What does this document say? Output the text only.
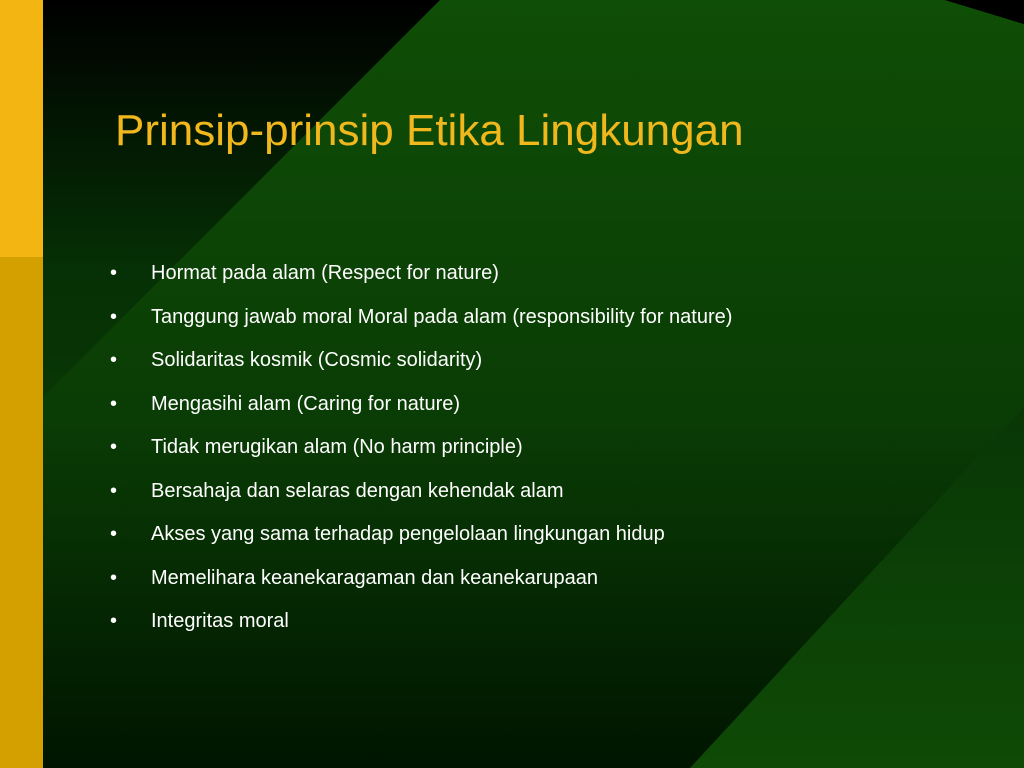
Prinsip-prinsip Etika Lingkungan
•	Hormat pada alam (Respect for nature)
•	Tanggung jawab moral Moral pada alam (responsibility for nature)
•	Solidaritas kosmik (Cosmic solidarity)
•	Mengasihi alam (Caring for nature)
•	Tidak merugikan alam (No harm principle)
•	Bersahaja dan selaras dengan kehendak alam
•	Akses yang sama terhadap pengelolaan lingkungan hidup
•	Memelihara keanekaragaman dan keanekarupaan
•	Integritas moral
